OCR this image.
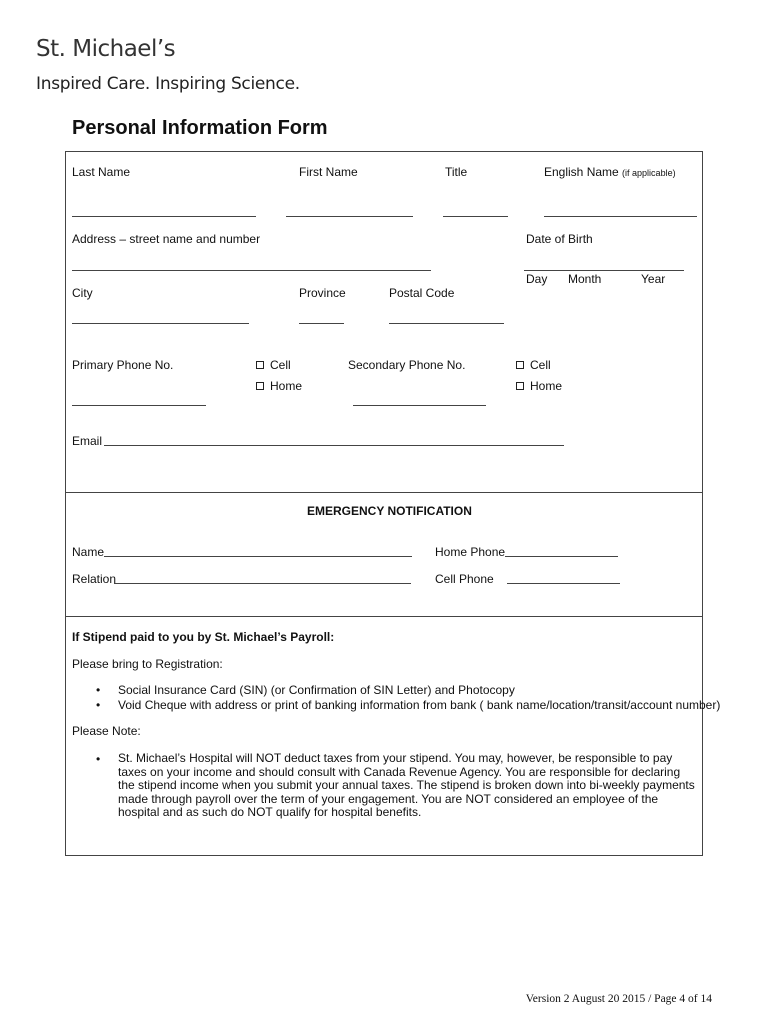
St. Michael’s
Inspired Care. Inspiring Science.
Personal Information Form
Last Name	First Name	Title	English Name (if applicable)
Address – street name and number	Date of Birth
Day Month	Year
City	Province	Postal Code
Primary Phone No.	Cell
Home
Secondary Phone No.	Cell
Home
Email
EMERGENCY NOTIFICATION
Name	Home Phone
Relation	Cell Phone
If Stipend paid to you by St. Michael’s Payroll:
Please bring to Registration:
• Social Insurance Card (SIN) (or Confirmation of SIN Letter) and Photocopy
• Void Cheque with address or print of banking information from bank ( bank name/location/transit/account number)
Please Note:
• St. Michael’s Hospital will NOT deduct taxes from your stipend. You may, however, be responsible to pay taxes on your income and should consult with Canada Revenue Agency. You are responsible for declaring the stipend income when you submit your annual taxes. The stipend is broken down into bi-weekly payments made through payroll over the term of your engagement. You are NOT considered an employee of the hospital and as such do NOT qualify for hospital benefits.
Version 2 August 20 2015 / Page 4 of 14
